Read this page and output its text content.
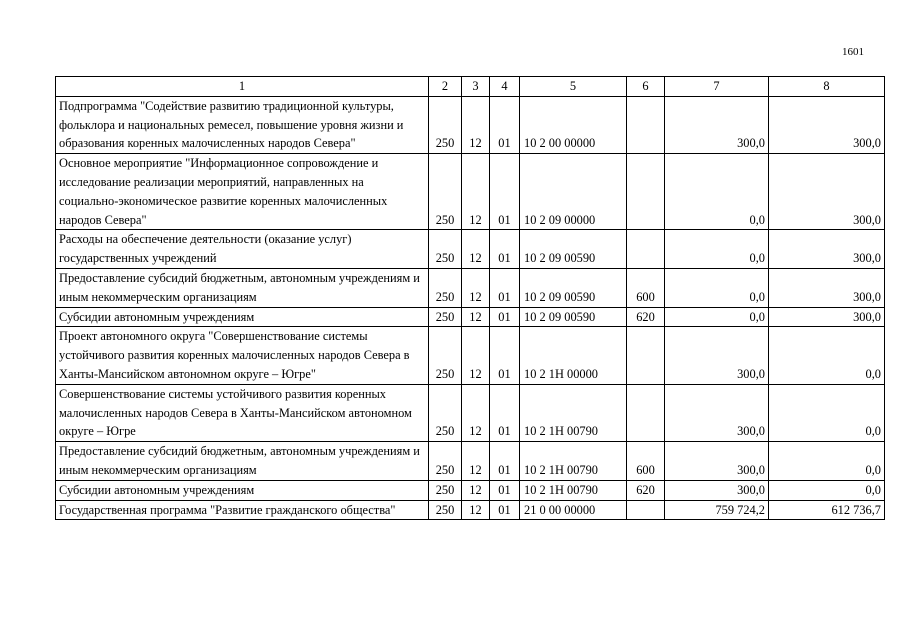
1601
1	2	3	4	5	6	7	8
Подпрограмма "Содействие развитию традиционной культуры, фольклора и национальных ремесел, повышение уровня жизни и образования коренных малочисленных народов Севера"	250	12	01	10 2 00 00000		300,0	300,0
Основное мероприятие "Информационное сопровождение и исследование реализации мероприятий, направленных на социально-экономическое развитие коренных малочисленных народов Севера"	250	12	01	10 2 09 00000		0,0	300,0
Расходы на обеспечение деятельности (оказание услуг) государственных учреждений	250	12	01	10 2 09 00590		0,0	300,0
Предоставление субсидий бюджетным, автономным учреждениям и иным некоммерческим организациям	250	12	01	10 2 09 00590	600	0,0	300,0
Субсидии автономным учреждениям	250	12	01	10 2 09 00590	620	0,0	300,0
Проект автономного округа "Совершенствование системы устойчивого развития коренных малочисленных народов Севера в Ханты-Мансийском автономном округе – Югре"	250	12	01	10 2 1Н 00000		300,0	0,0
Совершенствование системы устойчивого развития коренных малочисленных народов Севера в Ханты-Мансийском автономном округе – Югре	250	12	01	10 2 1Н 00790		300,0	0,0
Предоставление субсидий бюджетным, автономным учреждениям и иным некоммерческим организациям	250	12	01	10 2 1Н 00790	600	300,0	0,0
Субсидии автономным учреждениям	250	12	01	10 2 1Н 00790	620	300,0	0,0
Государственная программа "Развитие гражданского общества"	250	12	01	21 0 00 00000		759 724,2	612 736,7
